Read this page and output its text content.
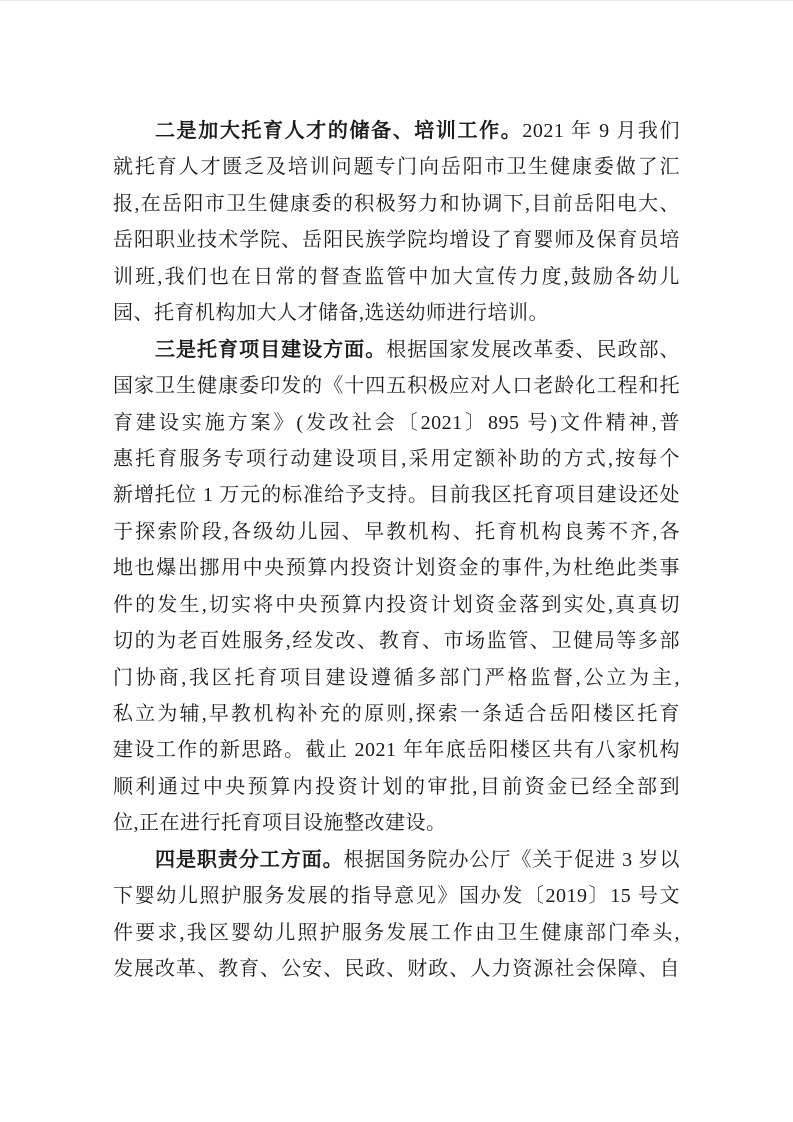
二是加大托育人才的储备、培训工作。2021 年 9 月我们
就托育人才匮乏及培训问题专门向岳阳市卫生健康委做了汇
报,在岳阳市卫生健康委的积极努力和协调下,目前岳阳电大、
岳阳职业技术学院、岳阳民族学院均增设了育婴师及保育员培
训班,我们也在日常的督查监管中加大宣传力度,鼓励各幼儿
园、托育机构加大人才储备,选送幼师进行培训。
三是托育项目建设方面。根据国家发展改革委、民政部、
国家卫生健康委印发的《十四五积极应对人口老龄化工程和托
育建设实施方案》(发改社会〔2021〕895 号)文件精神,普
惠托育服务专项行动建设项目,采用定额补助的方式,按每个
新增托位 1 万元的标准给予支持。目前我区托育项目建设还处
于探索阶段,各级幼儿园、早教机构、托育机构良莠不齐,各
地也爆出挪用中央预算内投资计划资金的事件,为杜绝此类事
件的发生,切实将中央预算内投资计划资金落到实处,真真切
切的为老百姓服务,经发改、教育、市场监管、卫健局等多部
门协商,我区托育项目建设遵循多部门严格监督,公立为主,
私立为辅,早教机构补充的原则,探索一条适合岳阳楼区托育
建设工作的新思路。截止 2021 年年底岳阳楼区共有八家机构
顺利通过中央预算内投资计划的审批,目前资金已经全部到
位,正在进行托育项目设施整改建设。
四是职责分工方面。根据国务院办公厅《关于促进 3 岁以
下婴幼儿照护服务发展的指导意见》国办发〔2019〕15 号文
件要求,我区婴幼儿照护服务发展工作由卫生健康部门牵头,
发展改革、教育、公安、民政、财政、人力资源社会保障、自
